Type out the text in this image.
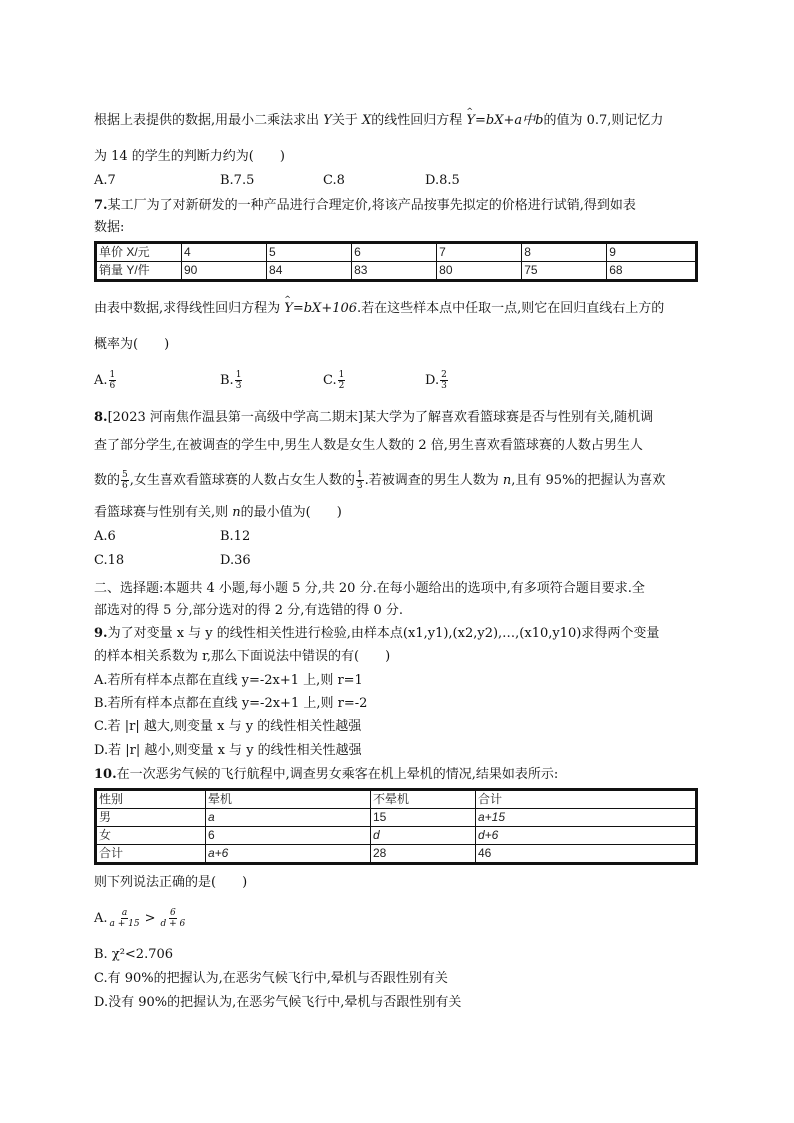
根据上表提供的数据,用最小二乘法求出 Y关于 X的线性回归方程 ^ Y=bX+a中b的值为 0.7,则记忆力
为 14 的学生的判断力约为(　　)
A.7	B.7.5	C.8	D.8.5
7.某工厂为了对新研发的一种产品进行合理定价,将该产品按事先拟定的价格进行试销,得到如表
数据:
单价 X/元	4	5	6	7	8	9
销量 Y/件	90	84	83	80	75	68
由表中数据,求得线性回归方程为 ^ Y=bX+106.若在这些样本点中任取一点,则它在回归直线右上方的
概率为(　　)
A. $\frac{1}{6}$	B. $\frac{1}{3}$	C. $\frac{1}{2}$	D. $\frac{2}{3}$
8.[2023 河南焦作温县第一高级中学高二期末]某大学为了解喜欢看篮球赛是否与性别有关,随机调
查了部分学生,在被调查的学生中,男生人数是女生人数的 2 倍,男生喜欢看篮球赛的人数占男生人
数的 $\frac{5}{6}$ ,女生喜欢看篮球赛的人数占女生人数的 $\frac{1}{3}$ .若被调查的男生人数为 n,且有 95%的把握认为喜欢
看篮球赛与性别有关,则 n的最小值为(　　)
A.6	B.12
C.18	D.36
二、选择题:本题共 4 小题,每小题 5 分,共 20 分.在每小题给出的选项中,有多项符合题目要求.全
部选对的得 5 分,部分选对的得 2 分,有选错的得 0 分.
9.为了对变量 x 与 y 的线性相关性进行检验,由样本点(x1,y1),(x2,y2),…,(x10,y10)求得两个变量
的样本相关系数为 r,那么下面说法中错误的有(　　)
A.若所有样本点都在直线 y=-2x+1 上,则 r=1
B.若所有样本点都在直线 y=-2x+1 上,则 r=-2
C.若 |r| 越大,则变量 x 与 y 的线性相关性越强
D.若 |r| 越小,则变量 x 与 y 的线性相关性越强
10.在一次恶劣气候的飞行航程中,调查男女乘客在机上晕机的情况,结果如表所示:
性别	晕机	不晕机	合计
男	a	15	a+15
女	6	d	d+6
合计	a+6	28	46
则下列说法正确的是(　　)
A. $\frac{a}{a + 15} > \frac{6}{d + 6}$
B. χ²<2.706
C.有 90%的把握认为,在恶劣气候飞行中,晕机与否跟性别有关
D.没有 90%的把握认为,在恶劣气候飞行中,晕机与否跟性别有关
